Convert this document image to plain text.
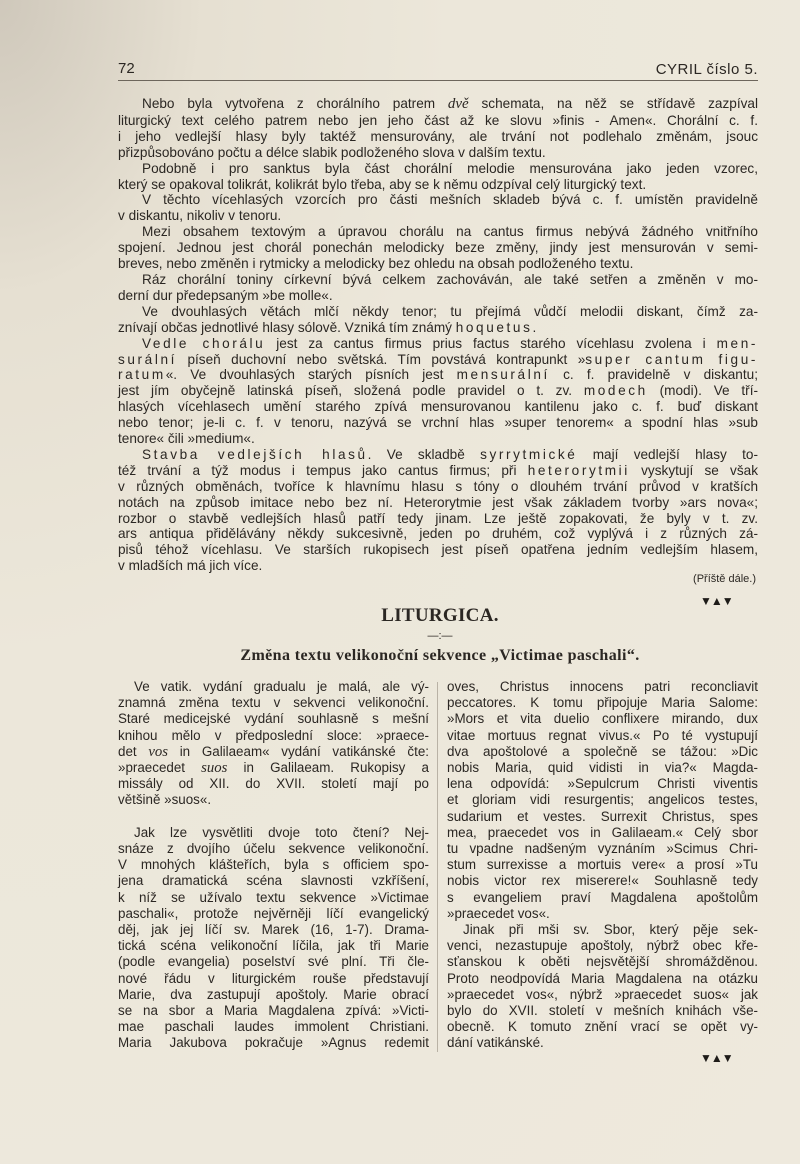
72	CYRIL číslo 5.
Nebo byla vytvořena z chorálního patrem dvě schemata, na něž se střídavě zazpíval
liturgický text celého patrem nebo jen jeho část až ke slovu »finis - Amen«. Chorální c. f.
i jeho vedlejší hlasy byly taktéž mensurovány, ale trvání not podlehalo změnám, jsouc
přizpůsobováno počtu a délce slabik podloženého slova v dalším textu.
Podobně i pro sanktus byla část chorální melodie mensurována jako jeden vzorec,
který se opakoval tolikrát, kolikrát bylo třeba, aby se k němu odzpíval celý liturgický text.
V těchto vícehlasých vzorcích pro části mešních skladeb bývá c. f. umístěn pravidelně
v diskantu, nikoliv v tenoru.
Mezi obsahem textovým a úpravou chorálu na cantus firmus nebývá žádného vnitřního
spojení. Jednou jest chorál ponechán melodicky beze změny, jindy jest mensurován v semi-
breves, nebo změněn i rytmicky a melodicky bez ohledu na obsah podloženého textu.
Ráz chorální toniny církevní bývá celkem zachováván, ale také setřen a změněn v mo-
derní dur předepsaným »be molle«.
Ve dvouhlasých větách mlčí někdy tenor; tu přejímá vůdčí melodii diskant, čímž za-
znívají občas jednotlivé hlasy sólově. Vzniká tím známý hoquetus.
Vedle chorálu jest za cantus firmus prius factus starého vícehlasu zvolena i men-
surální píseň duchovní nebo světská. Tím povstává kontrapunkt »super cantum figu-
ratum«. Ve dvouhlasých starých písních jest mensurální c. f. pravidelně v diskantu;
jest jím obyčejně latinská píseň, složená podle pravidel o t. zv. modech (modi). Ve tří-
hlasých vícehlasech umění starého zpívá mensurovanou kantilenu jako c. f. buď diskant
nebo tenor; je-li c. f. v tenoru, nazývá se vrchní hlas »super tenorem« a spodní hlas »sub
tenore« čili »medium«.
Stavba vedlejších hlasů. Ve skladbě syrrytmické mají vedlejší hlasy to-
též trvání a týž modus i tempus jako cantus firmus; při heterorytmii vyskytují se však
v různých obměnách, tvoříce k hlavnímu hlasu s tóny o dlouhém trvání průvod v kratších
notách na způsob imitace nebo bez ní. Heterorytmie jest však základem tvorby »ars nova«;
rozbor o stavbě vedlejších hlasů patří tedy jinam. Lze ještě zopakovati, že byly v t. zv.
ars antiqua přidělávány někdy sukcesivně, jeden po druhém, což vyplývá i z různých zá-
pisů téhož vícehlasu. Ve starších rukopisech jest píseň opatřena jedním vedlejším hlasem,
v mladších má jich více.
(Příště dále.)
▼▲▼
LITURGICA.
—:—
Změna textu velikonoční sekvence „Victimae paschali“.
Ve vatik. vydání gradualu je malá, ale vý-
znamná změna textu v sekvenci velikonoční.
Staré medicejské vydání souhlasně s mešní
knihou mělo v předposlední sloce: »praece-
det vos in Galilaeam« vydání vatikánské čte:
»praecedet suos in Galilaeam. Rukopisy a
missály od XII. do XVII. století mají po
většině »suos«.
Jak lze vysvětliti dvoje toto čtení? Nej-
snáze z dvojího účelu sekvence velikonoční.
V mnohých klášteřích, byla s officiem spo-
jena dramatická scéna slavnosti vzkříšení,
k níž se užívalo textu sekvence »Victimae
paschali«, protože nejvěrněji líčí evangelický
děj, jak jej líčí sv. Marek (16, 1-7). Drama-
tická scéna velikonoční líčila, jak tři Marie
(podle evangelia) poselství své plní. Tři čle-
nové řádu v liturgickém rouše představují
Marie, dva zastupují apoštoly. Marie obrací
se na sbor a Maria Magdalena zpívá: »Victi-
mae paschali laudes immolent Christiani.
Maria Jakubova pokračuje »Agnus redemit
oves, Christus innocens patri reconcliavit
peccatores. K tomu připojuje Maria Salome:
»Mors et vita duelio conflixere mirando, dux
vitae mortuus regnat vivus.« Po té vystupují
dva apoštolové a společně se tážou: »Dic
nobis Maria, quid vidisti in via?« Magda-
lena odpovídá: »Sepulcrum Christi viventis
et gloriam vidi resurgentis; angelicos testes,
sudarium et vestes. Surrexit Christus, spes
mea, praecedet vos in Galilaeam.« Celý sbor
tu vpadne nadšeným vyznáním »Scimus Chri-
stum surrexisse a mortuis vere« a prosí »Tu
nobis victor rex miserere!« Souhlasně tedy
s evangeliem praví Magdalena apoštolům
»praecedet vos«.
Jinak při mši sv. Sbor, který pěje sek-
venci, nezastupuje apoštoly, nýbrž obec kře-
sťanskou k oběti nejsvětější shromážděnou.
Proto neodpovídá Maria Magdalena na otázku
»praecedet vos«, nýbrž »praecedet suos« jak
bylo do XVII. století v mešních knihách vše-
obecně. K tomuto znění vrací se opět vy-
dání vatikánské.
▼▲▼
